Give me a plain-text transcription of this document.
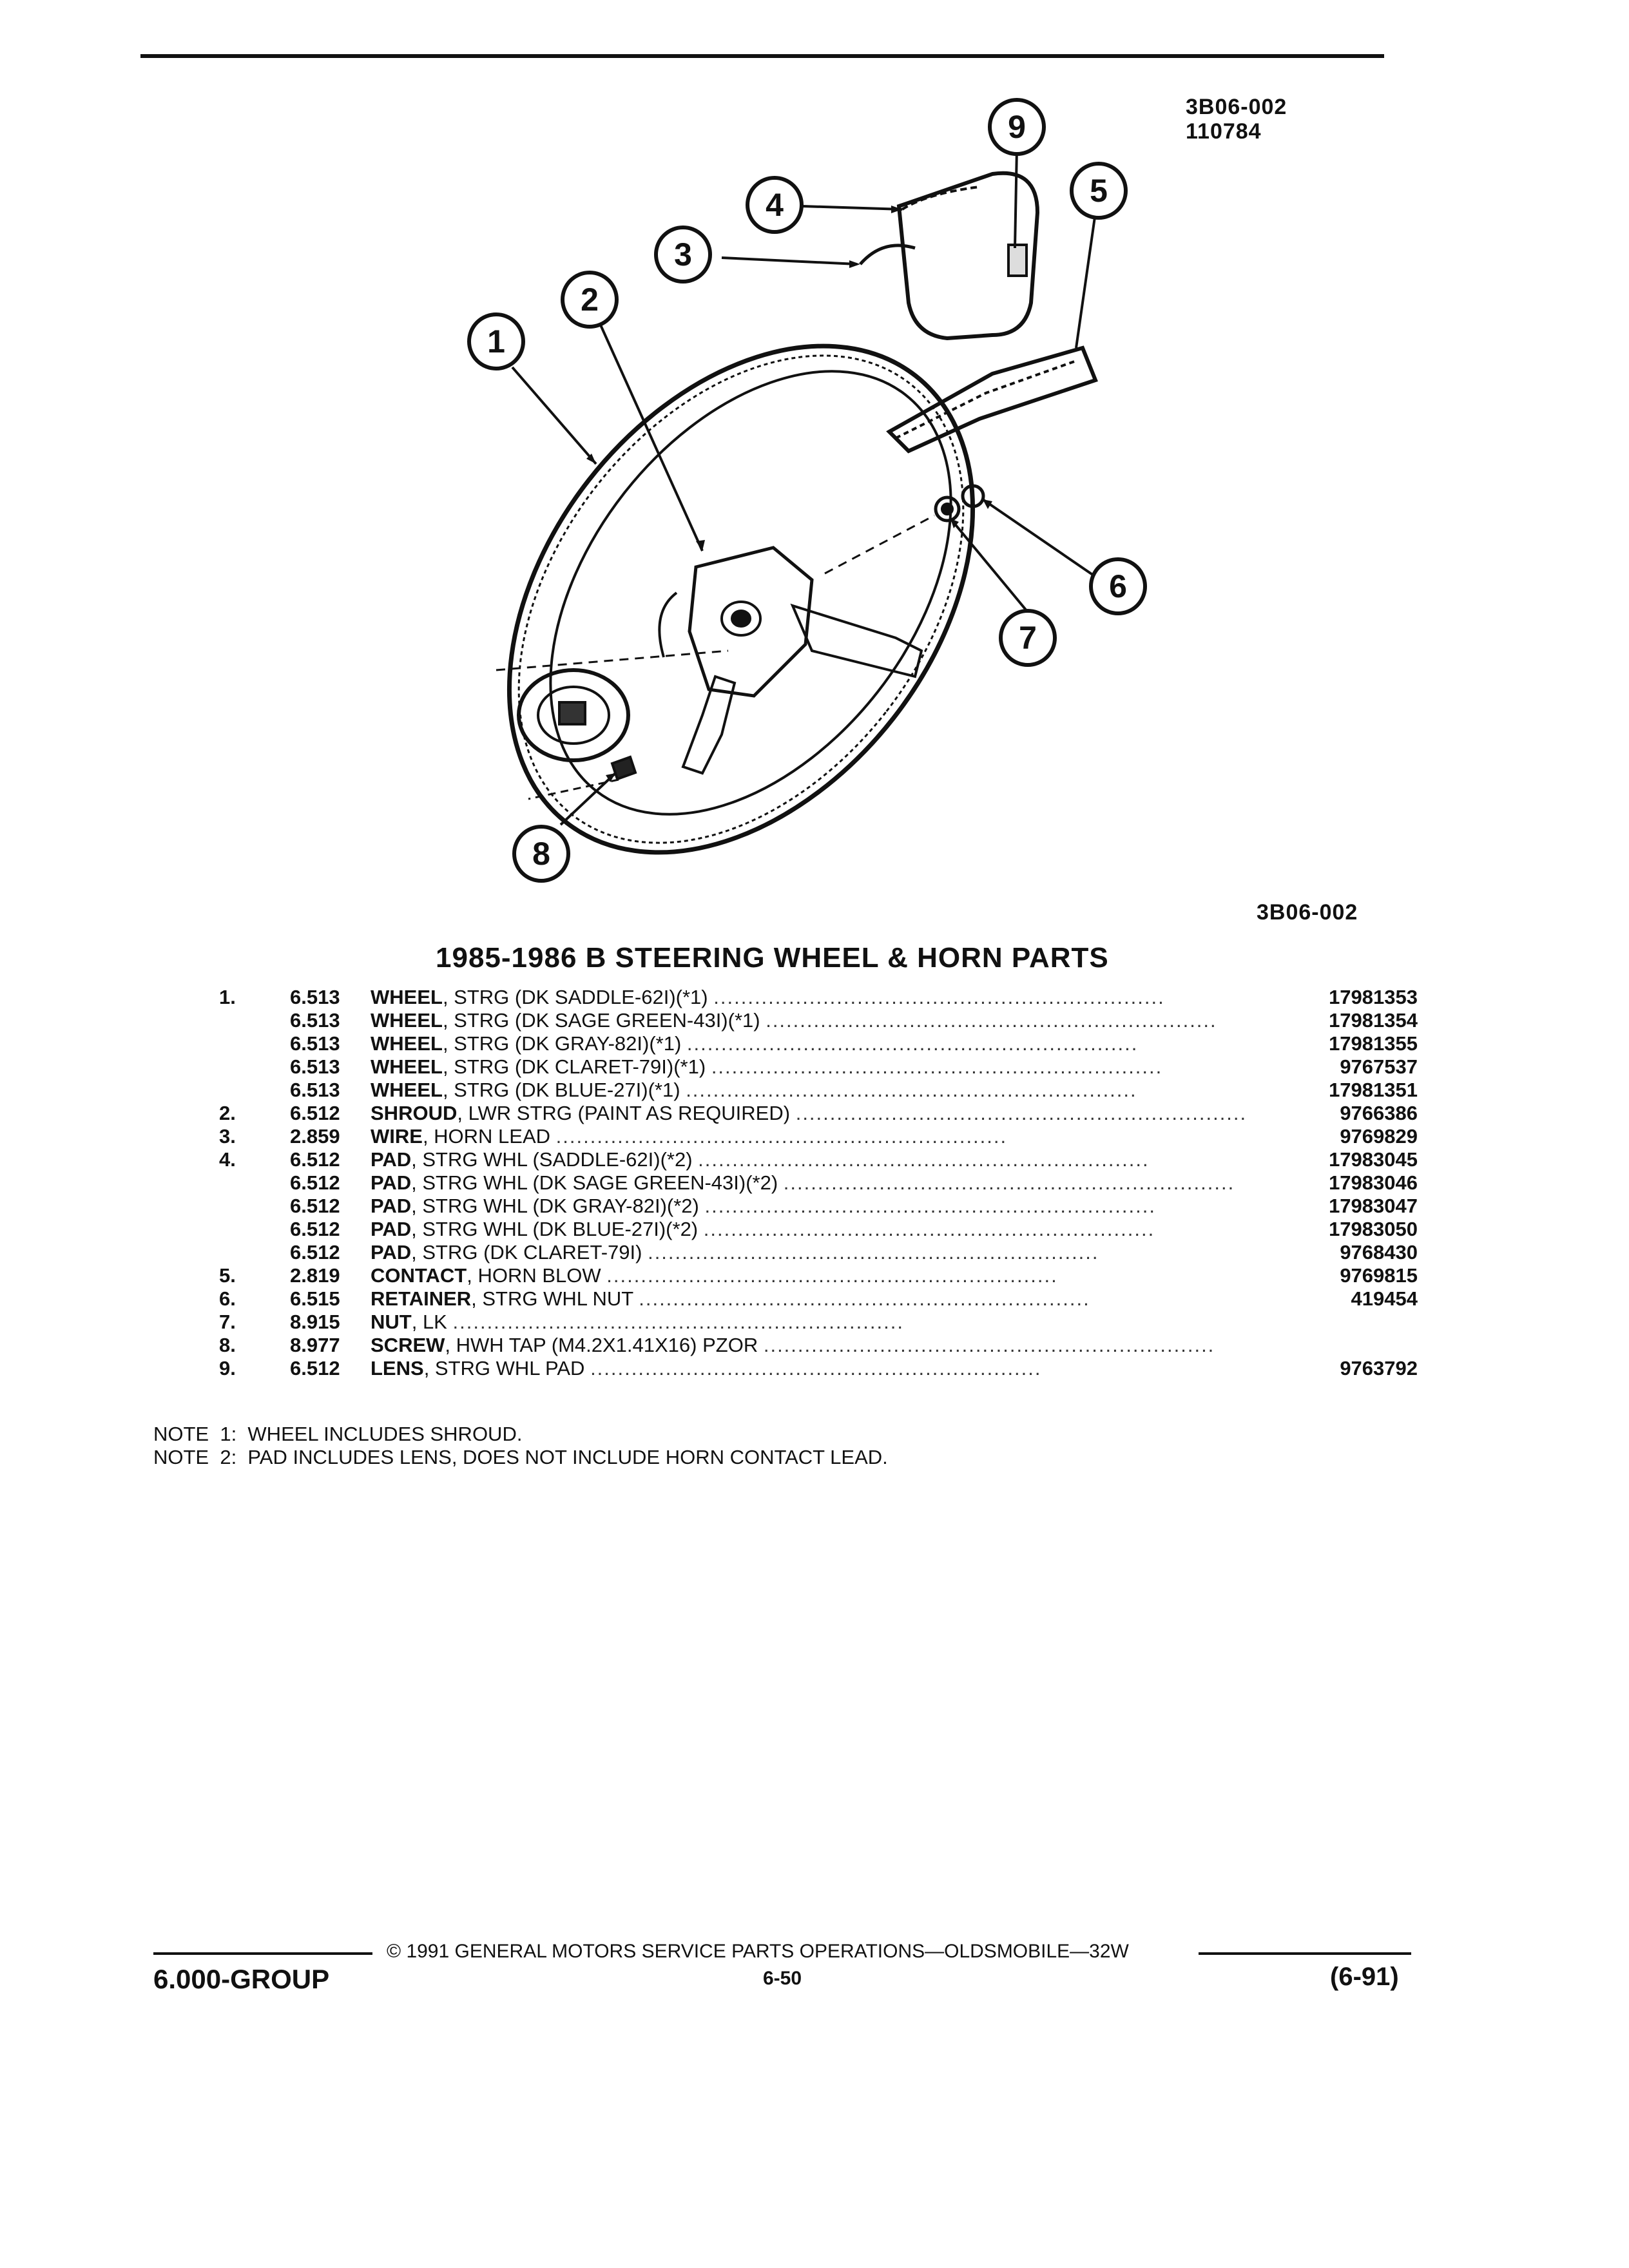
3B06-002
110784
3B06-002
1
2
3
4
9
5
6
7
8
1985-1986 B STEERING WHEEL & HORN PARTS
1.	6.513	WHEEL, STRG (DK SADDLE-62I)(*1) ..................................................................	17981353
6.513	WHEEL, STRG (DK SAGE GREEN-43I)(*1) ..................................................................	17981354
6.513	WHEEL, STRG (DK GRAY-82I)(*1) ..................................................................	17981355
6.513	WHEEL, STRG (DK CLARET-79I)(*1) ..................................................................	9767537
6.513	WHEEL, STRG (DK BLUE-27I)(*1) ..................................................................	17981351
2.	6.512	SHROUD, LWR STRG (PAINT AS REQUIRED) ..................................................................	9766386
3.	2.859	WIRE, HORN LEAD ..................................................................	9769829
4.	6.512	PAD, STRG WHL (SADDLE-62I)(*2) ..................................................................	17983045
6.512	PAD, STRG WHL (DK SAGE GREEN-43I)(*2) ..................................................................	17983046
6.512	PAD, STRG WHL (DK GRAY-82I)(*2) ..................................................................	17983047
6.512	PAD, STRG WHL (DK BLUE-27I)(*2) ..................................................................	17983050
6.512	PAD, STRG (DK CLARET-79I) ..................................................................	9768430
5.	2.819	CONTACT, HORN BLOW ..................................................................	9769815
6.	6.515	RETAINER, STRG WHL NUT ..................................................................	419454
7.	8.915	NUT, LK ..................................................................
8.	8.977	SCREW, HWH TAP (M4.2X1.41X16) PZOR ..................................................................
9.	6.512	LENS, STRG WHL PAD ..................................................................	9763792
NOTE  1:  WHEEL INCLUDES SHROUD.
NOTE  2:  PAD INCLUDES LENS, DOES NOT INCLUDE HORN CONTACT LEAD.
© 1991 GENERAL MOTORS SERVICE PARTS OPERATIONS—OLDSMOBILE—32W
6.000-GROUP	6-50	(6-91)
